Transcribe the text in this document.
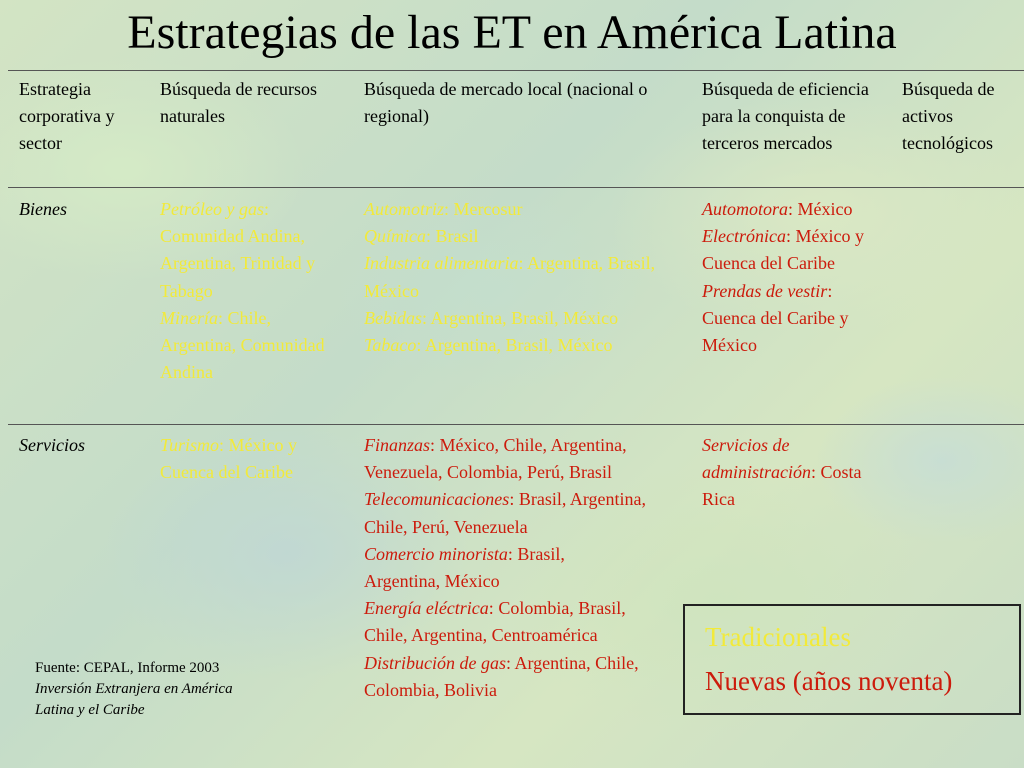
Estrategias de las ET en América Latina
Estrategia corporativa y sector
Búsqueda de recursos naturales
Búsqueda de mercado local (nacional o regional)
Búsqueda de eficiencia para la conquista de terceros mercados
Búsqueda de activos tecnológicos
Bienes	Petróleo y gas: Comunidad Andina, Argentina, Trinidad y Tabago
Minería: Chile, Argentina, Comunidad Andina
Automotriz: Mercosur
Química: Brasil
Industria alimentaria: Argentina, Brasil, México
Bebidas: Argentina, Brasil, México
Tabaco: Argentina, Brasil, México
Automotora: México
Electrónica: México y Cuenca del Caribe
Prendas de vestir: Cuenca del Caribe y México
Servicios	Turismo: México y Cuenca del Caribe
Finanzas: México, Chile, Argentina, Venezuela, Colombia, Perú, Brasil
Telecomunicaciones: Brasil, Argentina, Chile, Perú, Venezuela
Comercio minorista: Brasil, Argentina, México
Energía eléctrica: Colombia, Brasil, Chile, Argentina, Centroamérica
Distribución de gas: Argentina, Chile, Colombia, Bolivia
Servicios de administración: Costa Rica
Tradicionales
Nuevas (años noventa)
Fuente: CEPAL, Informe 2003
Inversión Extranjera en América Latina y el Caribe
